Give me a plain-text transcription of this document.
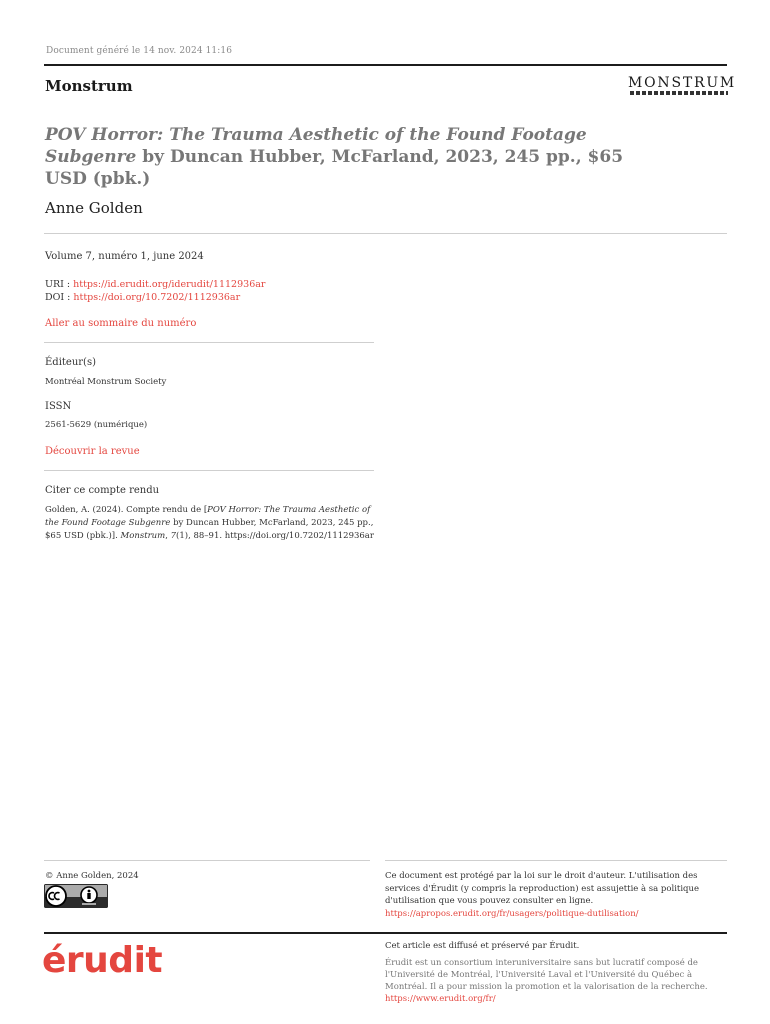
Document généré le 14 nov. 2024 11:16
Monstrum	MONSTRUM
POV Horror: The Trauma Aesthetic of the Found Footage Subgenre by Duncan Hubber, McFarland, 2023, 245 pp., $65 USD (pbk.)
Anne Golden
Volume 7, numéro 1, june 2024
URI : https://id.erudit.org/iderudit/1112936ar
DOI : https://doi.org/10.7202/1112936ar
Aller au sommaire du numéro
Éditeur(s)
Montréal Monstrum Society
ISSN
2561-5629 (numérique)
Découvrir la revue
Citer ce compte rendu
Golden, A. (2024). Compte rendu de [POV Horror: The Trauma Aesthetic of the Found Footage Subgenre by Duncan Hubber, McFarland, 2023, 245 pp., $65 USD (pbk.)]. Monstrum, 7(1), 88–91. https://doi.org/10.7202/1112936ar
© Anne Golden, 2024	Ce document est protégé par la loi sur le droit d'auteur. L'utilisation des services d'Érudit (y compris la reproduction) est assujettie à sa politique d'utilisation que vous pouvez consulter en ligne.
https://apropos.erudit.org/fr/usagers/politique-dutilisation/
érudit	Cet article est diffusé et préservé par Érudit.
Érudit est un consortium interuniversitaire sans but lucratif composé de l'Université de Montréal, l'Université Laval et l'Université du Québec à Montréal. Il a pour mission la promotion et la valorisation de la recherche.
https://www.erudit.org/fr/
